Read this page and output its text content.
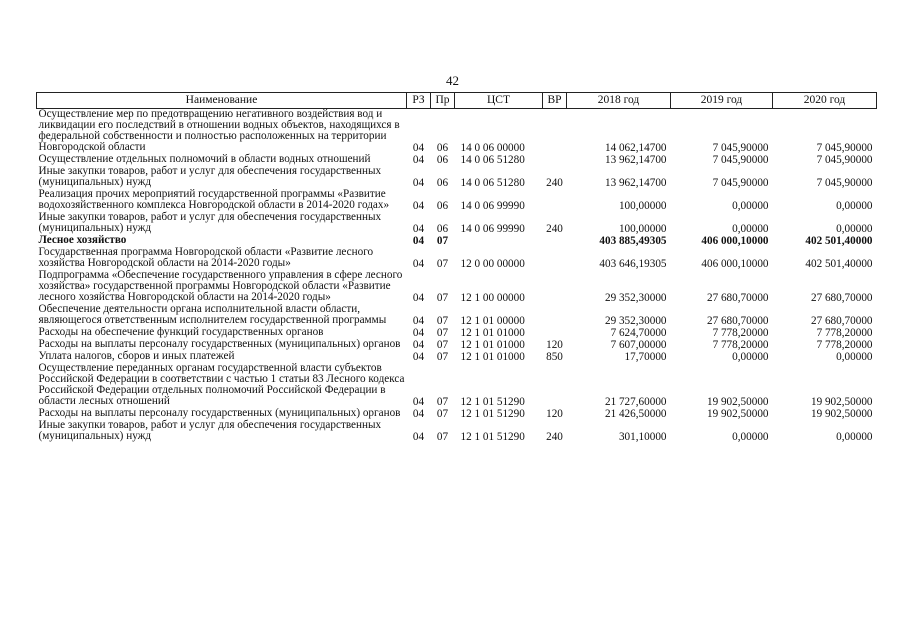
42
Наименование	РЗ	Пр	ЦСТ	ВР	2018 год	2019 год	2020 год

Осуществление мер по предотвращению негативного воздействия вод и ликвидации его последствий в отношении водных объектов, находящихся в федеральной собственности и полностью расположенных на территории Новгородской области	04	06	14 0 06 00000		14 062,14700	7 045,90000	7 045,90000

Осуществление отдельных полномочий в области водных отношений	04	06	14 0 06 51280		13 962,14700	7 045,90000	7 045,90000

Иные закупки товаров, работ и услуг для обеспечения государственных (муниципальных) нужд	04	06	14 0 06 51280	240	13 962,14700	7 045,90000	7 045,90000

Реализация прочих мероприятий государственной программы «Развитие водохозяйственного комплекса Новгородской области в 2014-2020 годах»	04	06	14 0 06 99990		100,00000	0,00000	0,00000

Иные закупки товаров, работ и услуг для обеспечения государственных (муниципальных) нужд	04	06	14 0 06 99990	240	100,00000	0,00000	0,00000

Лесное хозяйство	04	07			403 885,49305	406 000,10000	402 501,40000

Государственная программа Новгородской области «Развитие лесного хозяйства Новгородской области на 2014-2020 годы»	04	07	12 0 00 00000		403 646,19305	406 000,10000	402 501,40000

Подпрограмма «Обеспечение государственного управления в сфере лесного хозяйства» государственной программы Новгородской области «Развитие лесного хозяйства Новгородской области на 2014-2020 годы»	04	07	12 1 00 00000		29 352,30000	27 680,70000	27 680,70000

Обеспечение деятельности органа исполнительной власти области, являющегося ответственным исполнителем государственной программы	04	07	12 1 01 00000		29 352,30000	27 680,70000	27 680,70000

Расходы на обеспечение функций государственных органов	04	07	12 1 01 01000		7 624,70000	7 778,20000	7 778,20000

Расходы на выплаты персоналу государственных (муниципальных) органов	04	07	12 1 01 01000	120	7 607,00000	7 778,20000	7 778,20000

Уплата налогов, сборов и иных платежей	04	07	12 1 01 01000	850	17,70000	0,00000	0,00000

Осуществление переданных органам государственной власти субъектов Российской Федерации в соответствии с частью 1 статьи 83 Лесного кодекса Российской Федерации отдельных полномочий Российской Федерации в области лесных отношений	04	07	12 1 01 51290		21 727,60000	19 902,50000	19 902,50000

Расходы на выплаты персоналу государственных (муниципальных) органов	04	07	12 1 01 51290	120	21 426,50000	19 902,50000	19 902,50000

Иные закупки товаров, работ и услуг для обеспечения государственных (муниципальных) нужд	04	07	12 1 01 51290	240	301,10000	0,00000	0,00000
